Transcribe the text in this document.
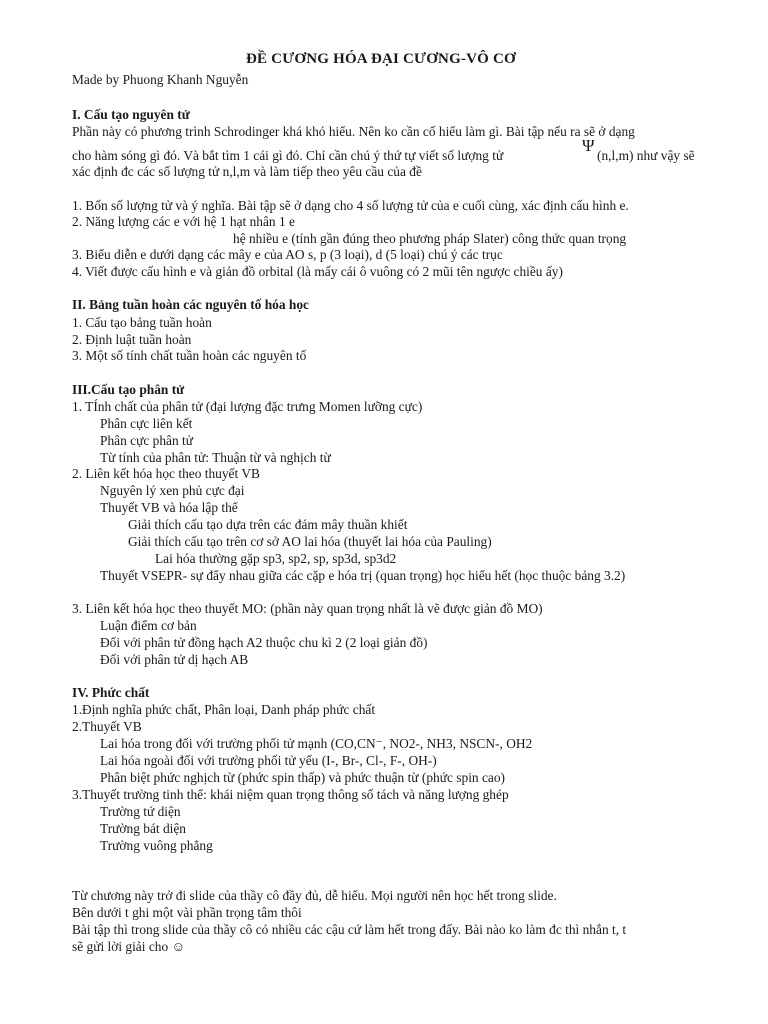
ĐỀ CƯƠNG HÓA ĐẠI CƯƠNG-VÔ CƠ
Made by Phuong Khanh Nguyễn
I. Cấu tạo nguyên tử
Phần này có phương trình Schrodinger khá khó hiểu. Nên ko cần cố hiểu làm gì. Bài tập nếu ra sẽ ở dạng
cho hàm sóng gì đó. Và bắt tìm 1 cái gì đó. Chỉ cần chú ý thứ tự viết số lượng tử
Ψ
(n,l,m) như vậy sẽ
xác định đc các số lượng tử n,l,m và làm tiếp theo yêu cầu của đề
1. Bốn số lượng tử và ý nghĩa. Bài tập sẽ ở dạng cho 4 số lượng tử của e cuối cùng, xác định cấu hình e.
2. Năng lượng các e với hệ 1 hạt nhân 1 e
hệ nhiều e (tính gần đúng theo phương pháp Slater) công thức quan trọng
3. Biểu diễn e dưới dạng các mây e của AO s, p (3 loại), d (5 loại) chú ý các trục
4. Viết được cấu hình e và giản đồ orbital (là mấy cái ô vuông có 2 mũi tên ngược chiều ấy)
II. Bảng tuần hoàn các nguyên tố hóa học
1. Cấu tạo bảng tuần hoàn
2. Định luật tuần hoàn
3. Một số tính chất tuần hoàn các nguyên tố
III.Cấu tạo phân tử
1. TÍnh chất của phân tử (đại lượng đặc trưng Momen lưỡng cực)
Phân cực liên kết
Phân cực phân tử
Từ tính của phân tử: Thuận từ và nghịch từ
2. Liên kết hóa học theo thuyết VB
Nguyên lý xen phủ cực đại
Thuyết VB và hóa lập thể
Giải thích cấu tạo dựa trên các đám mây thuần khiết
Giải thích cấu tạo trên cơ sở AO lai hóa (thuyết lai hóa của Pauling)
Lai hóa thường gặp sp3, sp2, sp, sp3d, sp3d2
Thuyết VSEPR- sự đẩy nhau giữa các cặp e hóa trị (quan trọng) học hiểu hết (học thuộc bảng 3.2)
3. Liên kết hóa học theo thuyết MO: (phần này quan trọng nhất là vẽ được giản đồ MO)
Luận điểm cơ bản
Đối với phân tử đồng hạch A2 thuộc chu kì 2 (2 loại giản đồ)
Đối với phân tử dị hạch AB
IV. Phức chất
1.Định nghĩa phức chất, Phân loại, Danh pháp phức chất
2.Thuyết VB
Lai hóa trong đối với trường phối tử mạnh (CO,CN⁻, NO2-, NH3, NSCN-, OH2
Lai hóa ngoài đối với trường phối tử yếu (I-, Br-, Cl-, F-, OH-)
Phân biệt phức nghịch từ (phức spin thấp) và phức thuận từ (phức spin cao)
3.Thuyết trường tinh thể: khái niệm quan trọng thông số tách và năng lượng ghép
Trường tứ diện
Trường bát diện
Trường vuông phẳng
Từ chương này trở đi slide của thầy cô đầy đủ, dễ hiểu. Mọi người nên học hết trong slide.
Bên dưới t ghi một vài phần trọng tâm thôi
Bài tập thì trong slide của thầy cô có nhiều các cậu cứ làm hết trong đấy. Bài nào ko làm đc thì nhắn t, t
sẽ gửi lời giải cho ☺
